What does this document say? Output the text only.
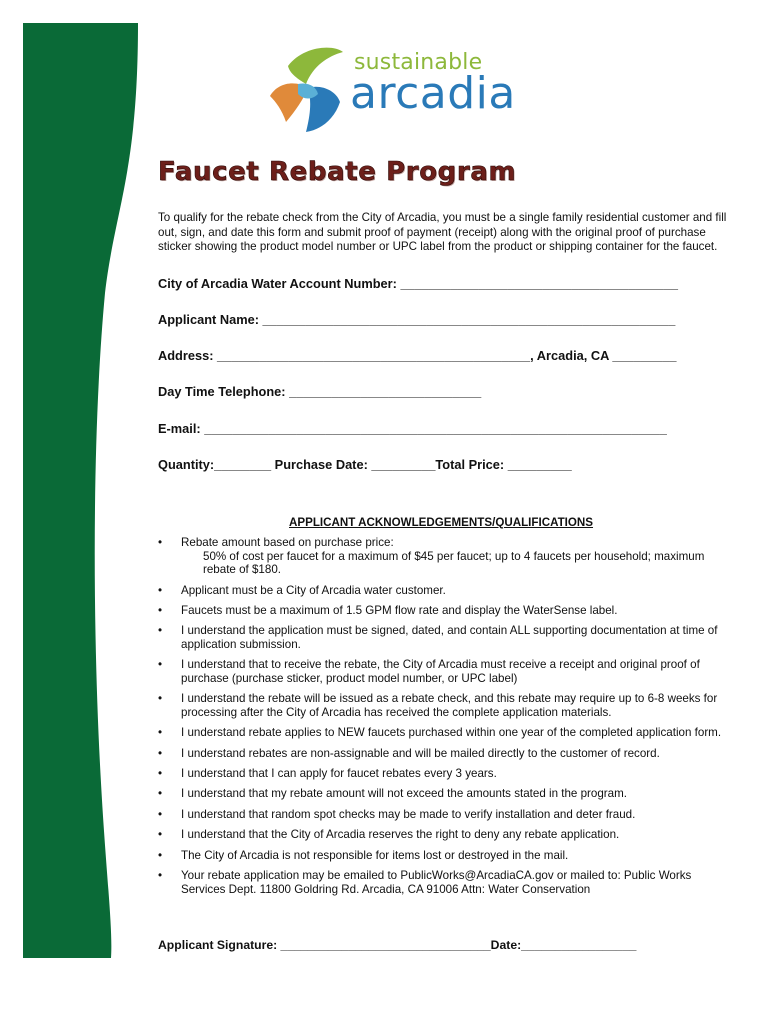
sustainable
arcadia
Faucet Rebate Program
To qualify for the rebate check from the City of Arcadia, you must be a single family residential customer and fill out, sign, and date this form and submit proof of payment (receipt) along with the original proof of purchase sticker showing the product model number or UPC label from the product or shipping container for the faucet.
City of Arcadia Water Account Number: _______________________________________
Applicant Name: __________________________________________________________
Address: ____________________________________________, Arcadia, CA _________
Day Time Telephone: ___________________________
E-mail: _________________________________________________________________
Quantity:________ Purchase Date: _________Total Price: _________
APPLICANT ACKNOWLEDGEMENTS/QUALIFICATIONS
•	Rebate amount based on purchase price:
50% of cost per faucet for a maximum of $45 per faucet; up to 4 faucets per household; maximum rebate of $180.
•	Applicant must be a City of Arcadia water customer.
•	Faucets must be a maximum of 1.5 GPM flow rate and display the WaterSense label.
•	I understand the application must be signed, dated, and contain ALL supporting documentation at time of application submission.
•	I understand that to receive the rebate, the City of Arcadia must receive a receipt and original proof of purchase (purchase sticker, product model number, or UPC label)
•	I understand the rebate will be issued as a rebate check, and this rebate may require up to 6-8 weeks for processing after the City of Arcadia has received the complete application materials.
•	I understand rebate applies to NEW faucets purchased within one year of the completed application form.
•	I understand rebates are non-assignable and will be mailed directly to the customer of record.
•	I understand that I can apply for faucet rebates every 3 years.
•	I understand that my rebate amount will not exceed the amounts stated in the program.
•	I understand that random spot checks may be made to verify installation and deter fraud.
•	I understand that the City of Arcadia reserves the right to deny any rebate application.
•	The City of Arcadia is not responsible for items lost or destroyed in the mail.
•	Your rebate application may be emailed to PublicWorks@ArcadiaCA.gov or mailed to: Public Works Services Dept. 11800 Goldring Rd. Arcadia, CA 91006 Attn: Water Conservation
Applicant Signature: _______________________________Date:_________________
